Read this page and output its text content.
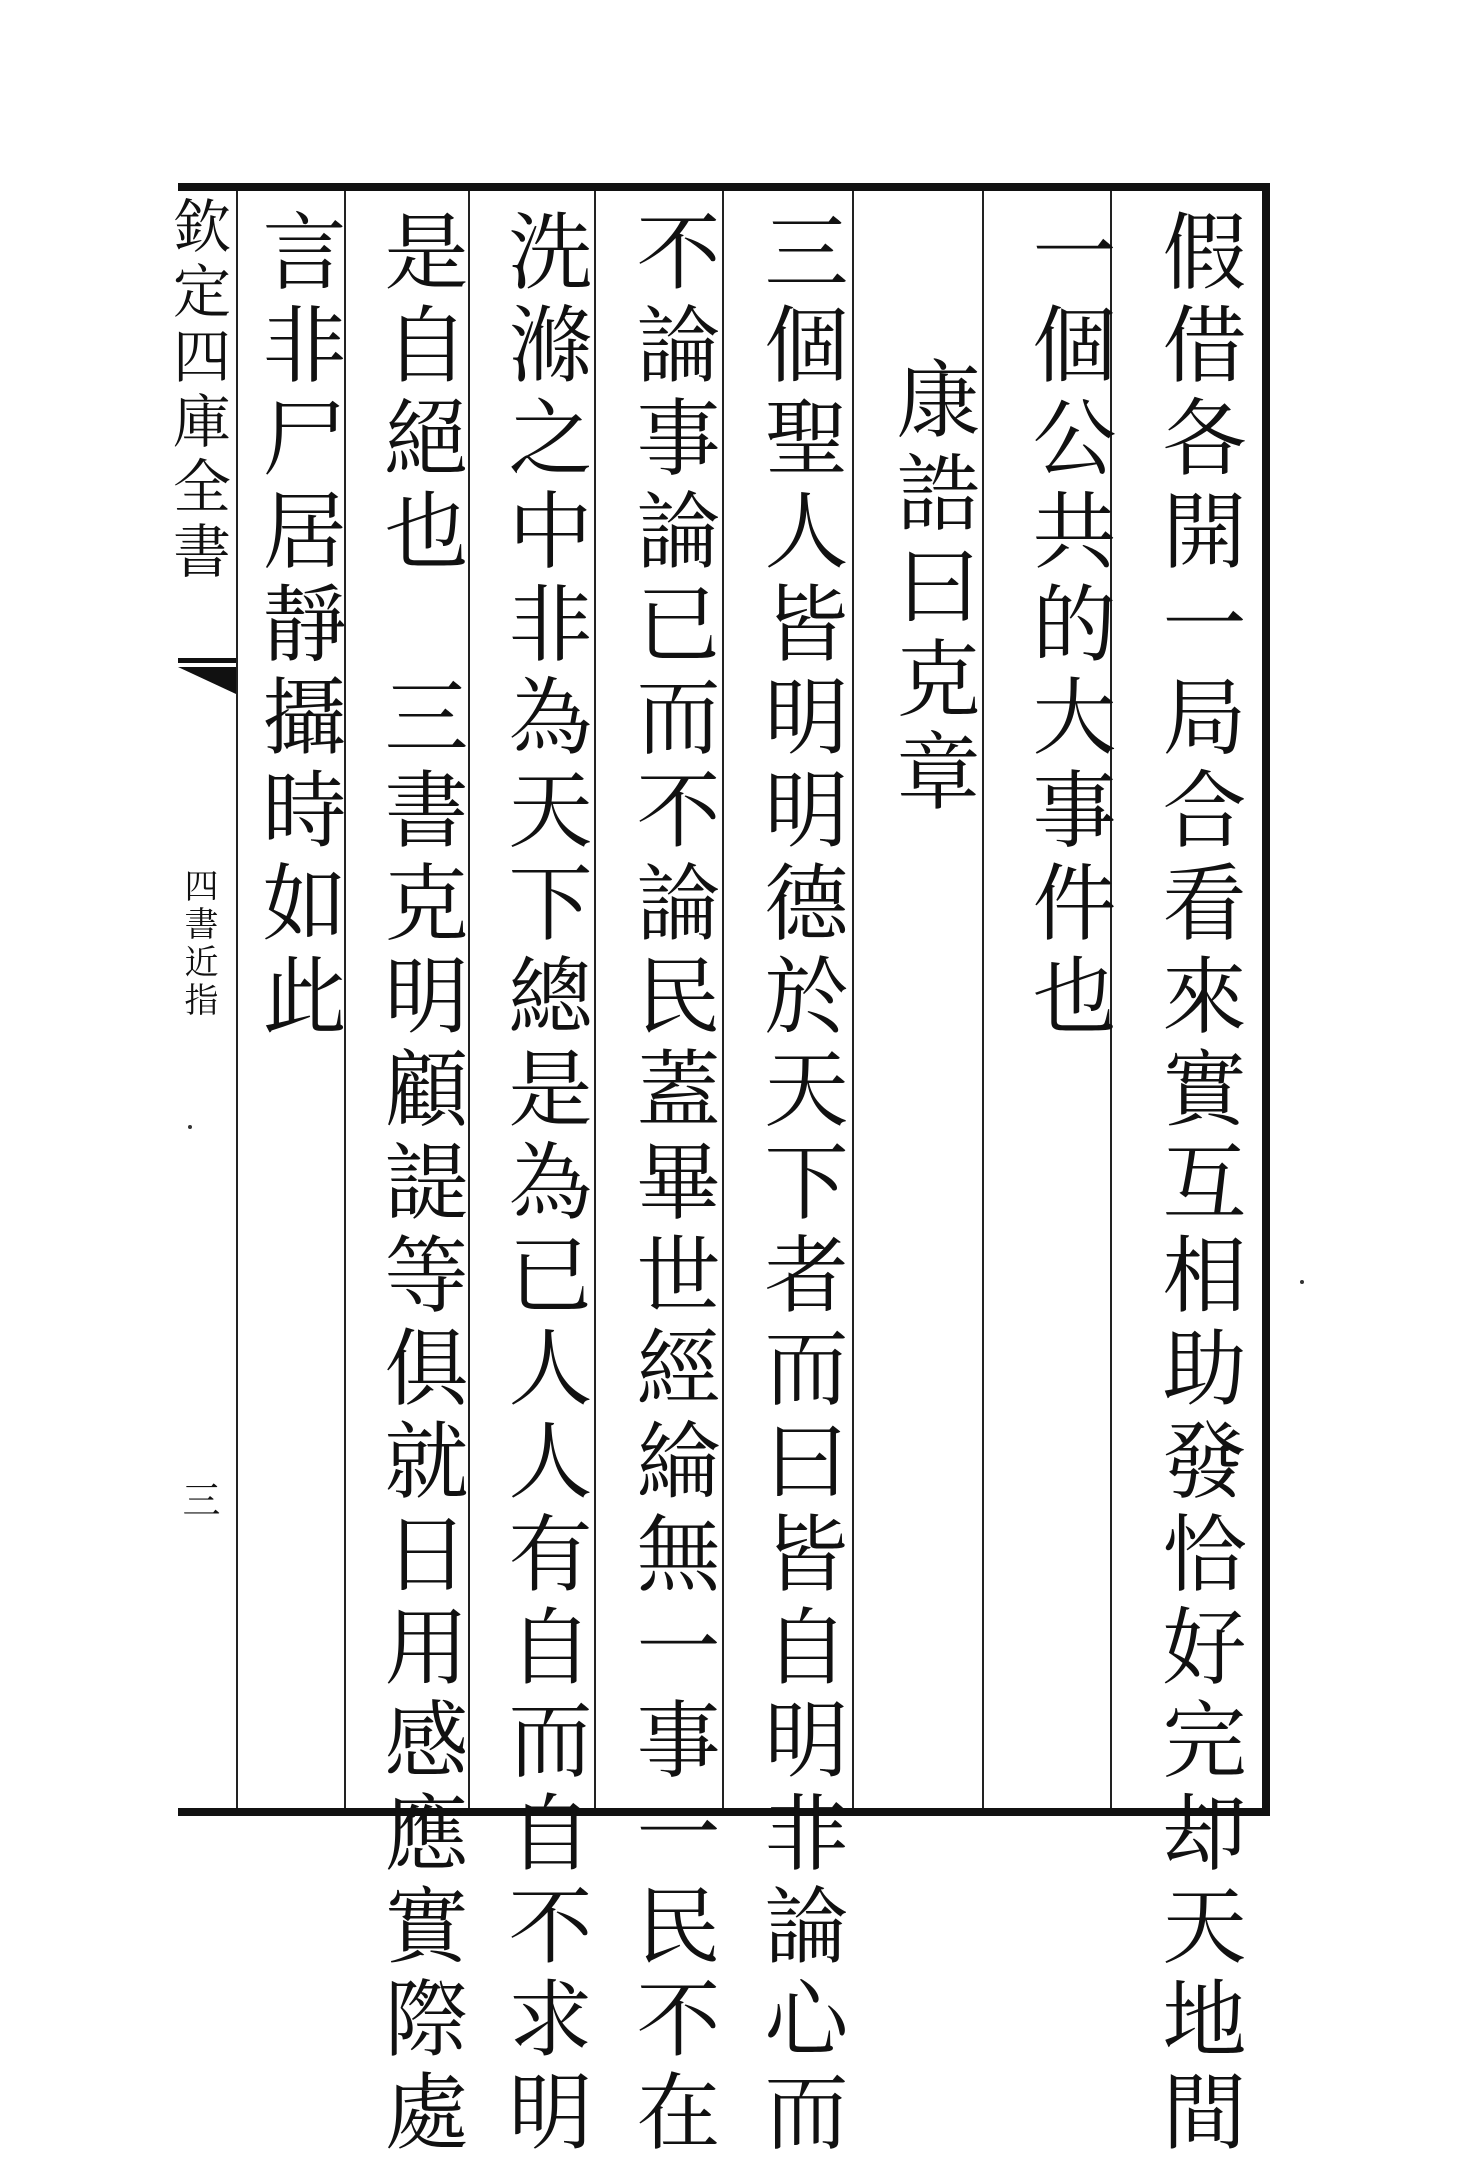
欽定四庫全書
四書近指
三	假借各開一局合看來實互相助發恰好完却天地間
一個公共的大事件也
康誥曰克章
三個聖人皆明明德於天下者而曰皆自明非論心而
不論事論已而不論民蓋畢世經綸無一事一民不在
洗滌之中非為天下總是為已人人有自而自不求明
是自絕也　三書克明顧諟等俱就日用感應實際處
言非尸居靜攝時如此
